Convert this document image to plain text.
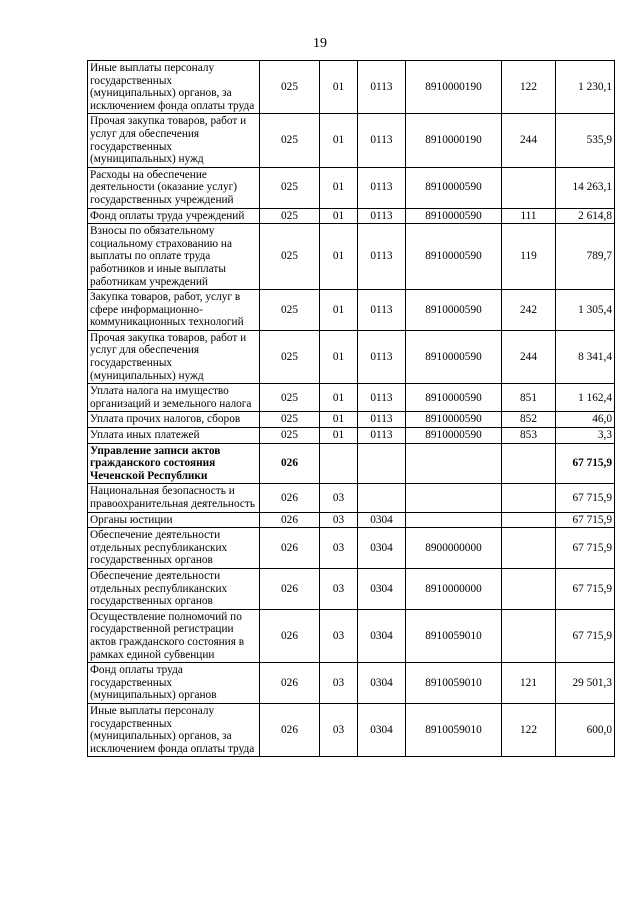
19
Иные выплаты персоналу государственных (муниципальных) органов, за исключением фонда оплаты труда	025	01	0113	8910000190	122	1 230,1
Прочая закупка товаров, работ и услуг для обеспечения государственных (муниципальных) нужд	025	01	0113	8910000190	244	535,9
Расходы на обеспечение деятельности (оказание услуг) государственных учреждений	025	01	0113	8910000590		14 263,1
Фонд оплаты труда учреждений	025	01	0113	8910000590	111	2 614,8
Взносы по обязательному социальному страхованию на выплаты по оплате труда работников и иные выплаты работникам учреждений	025	01	0113	8910000590	119	789,7
Закупка товаров, работ, услуг в сфере информационно-коммуникационных технологий	025	01	0113	8910000590	242	1 305,4
Прочая закупка товаров, работ и услуг для обеспечения государственных (муниципальных) нужд	025	01	0113	8910000590	244	8 341,4
Уплата налога на имущество организаций и земельного налога	025	01	0113	8910000590	851	1 162,4
Уплата прочих налогов, сборов	025	01	0113	8910000590	852	46,0
Уплата иных платежей	025	01	0113	8910000590	853	3,3
Управление записи актов гражданского состояния Чеченской Республики	026					67 715,9
Национальная безопасность и правоохранительная деятельность	026	03				67 715,9
Органы юстиции	026	03	0304			67 715,9
Обеспечение деятельности отдельных республиканских государственных органов	026	03	0304	8900000000		67 715,9
Обеспечение деятельности отдельных республиканских государственных органов	026	03	0304	8910000000		67 715,9
Осуществление полномочий по государственной регистрации актов гражданского состояния в рамках единой субвенции	026	03	0304	8910059010		67 715,9
Фонд оплаты труда государственных (муниципальных) органов	026	03	0304	8910059010	121	29 501,3
Иные выплаты персоналу государственных (муниципальных) органов, за исключением фонда оплаты труда	026	03	0304	8910059010	122	600,0
